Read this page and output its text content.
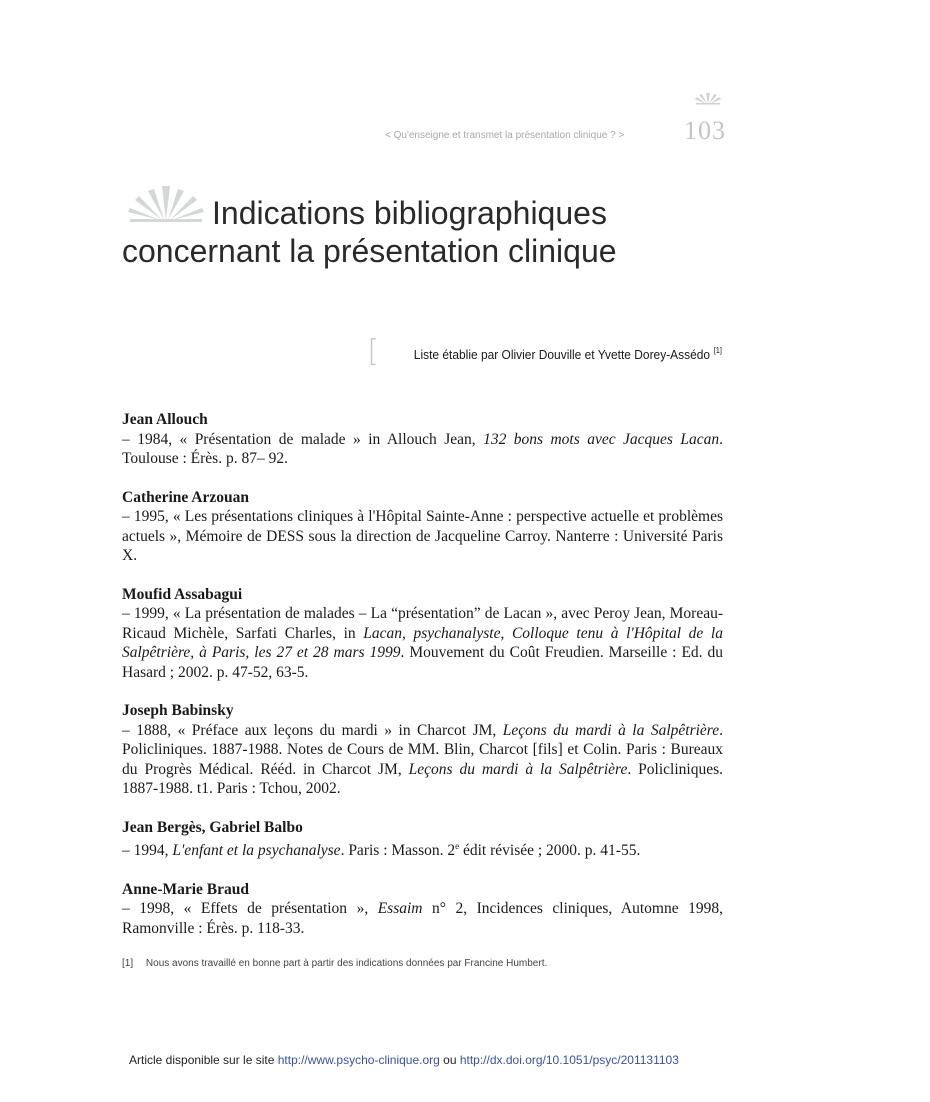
< Qu'enseigne et transmet la présentation clinique ? > 103
Indications bibliographiques
concernant la présentation clinique
[	Liste établie par Olivier Douville et Yvette Dorey-Assédo [1]
Jean Allouch
– 1984, « Présentation de malade » in Allouch Jean, 132 bons mots avec Jacques Lacan. Toulouse : Érès. p. 87– 92.
Catherine Arzouan
– 1995, « Les présentations cliniques à l'Hôpital Sainte-Anne : perspective actuelle et problèmes actuels », Mémoire de DESS sous la direction de Jacqueline Carroy. Nanterre : Université Paris X.
Moufid Assabagui
– 1999, « La présentation de malades – La “présentation” de Lacan », avec Peroy Jean, Moreau-Ricaud Michèle, Sarfati Charles, in Lacan, psychanalyste, Colloque tenu à l'Hôpital de la Salpêtrière, à Paris, les 27 et 28 mars 1999. Mouvement du Coût Freudien. Marseille : Ed. du Hasard ; 2002. p. 47-52, 63-5.
Joseph Babinsky
– 1888, « Préface aux leçons du mardi » in Charcot JM, Leçons du mardi à la Salpêtrière. Policliniques. 1887-1988. Notes de Cours de MM. Blin, Charcot [fils] et Colin. Paris : Bureaux du Progrès Médical. Rééd. in Charcot JM, Leçons du mardi à la Salpêtrière. Policliniques. 1887-1988. t1. Paris : Tchou, 2002.
Jean Bergès, Gabriel Balbo
– 1994, L'enfant et la psychanalyse. Paris : Masson. 2e édit révisée ; 2000. p. 41-55.
Anne-Marie Braud
– 1998, « Effets de présentation », Essaim n° 2, Incidences cliniques, Automne 1998, Ramonville : Érès. p. 118-33.
[1] Nous avons travaillé en bonne part à partir des indications données par Francine Humbert.
Article disponible sur le site http://www.psycho-clinique.org ou http://dx.doi.org/10.1051/psyc/201131103
